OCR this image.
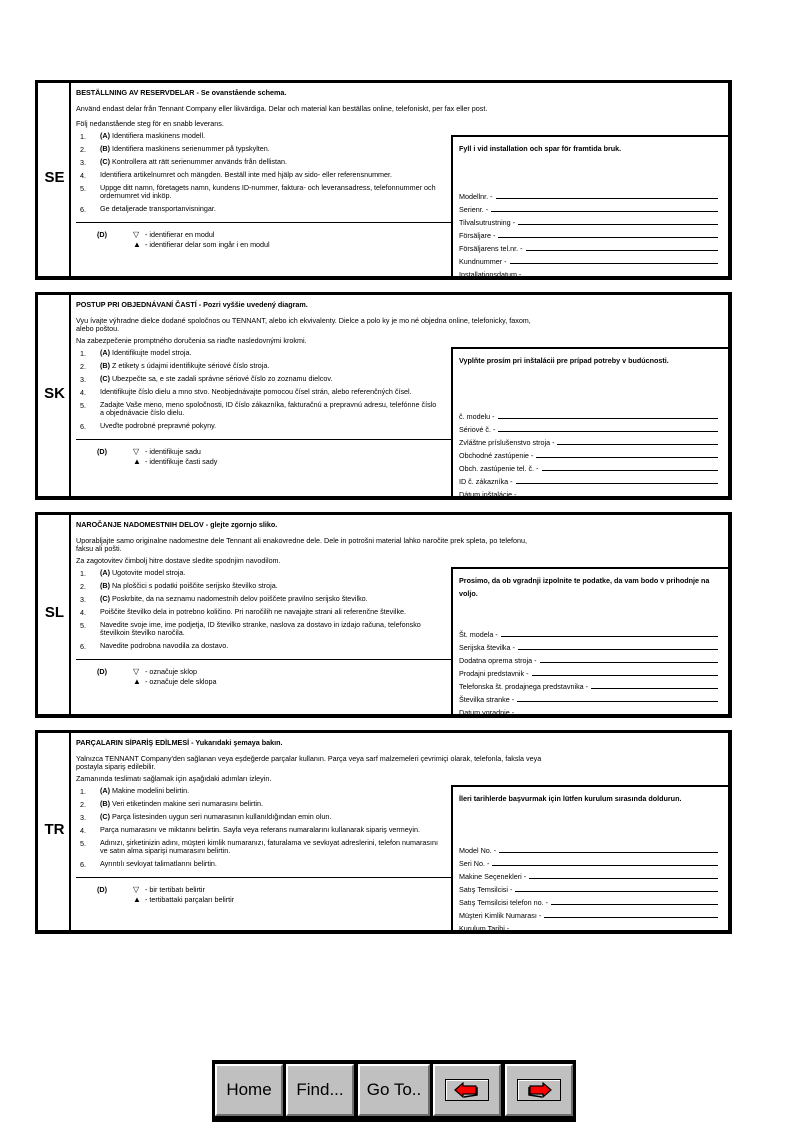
SE
BESTÄLLNING AV RESERVDELAR - Se ovanstående schema.
Använd endast delar från Tennant Company eller likvärdiga. Delar och material kan beställas online, telefoniskt, per fax eller post.
Följ nedanstående steg för en snabb leverans.
1.	(A) Identifiera maskinens modell.
2.	(B) Identifiera maskinens serienummer på typskylten.
3.	(C) Kontrollera att rätt serienummer används från dellistan.
4.	Identifiera artikelnumret och mängden. Beställ inte med hjälp av sido- eller referensnummer.
5.	Uppge ditt namn, företagets namn, kundens ID-nummer, faktura- och leveransadress, telefonnummer och ordernumret vid inköp.
6.	Ge detaljerade transportanvisningar.
(D)	▽ - identifierar en modul
▲ - identifierar delar som ingår i en modul
Fyll i vid installation och spar för framtida bruk.
Modellnr. -
Serienr. -
Tilvalsutrustning -
Försäljare -
Försäljarens tel.nr. -
Kundnummer -
Installationsdatum -
SK
POSTUP PRI OBJEDNÁVANÍ ČASTÍ - Pozri vyššie uvedený diagram.
Vyu ívajte výhradne dielce dodané spoločnos ou TENNANT, alebo ich ekvivalenty. Dielce a polo ky je mo né objedna online, telefonicky, faxom, alebo poštou.
Na zabezpečenie promptného doručenia sa riaďte nasledovnými krokmi.
1.	(A) Identifikujte model stroja.
2.	(B) Z etikety s údajmi identifikujte sériové číslo stroja.
3.	(C) Ubezpečte sa, e ste zadali správne sériové číslo zo zoznamu dielcov.
4.	Identifikujte číslo dielu a mno stvo. Neobjednávajte pomocou čísel strán, alebo referenčných čísel.
5.	Zadajte Vaše meno, meno spoločnosti, ID číslo zákazníka, fakturačnú a prepravnú adresu, telefónne číslo a objednávacie číslo dielu.
6.	Uveďte podrobné prepravné pokyny.
(D)	▽ - identifikuje sadu
▲ - identifikuje časti sady
Vyplňte prosím pri inštalácii pre prípad potreby v budúcnosti.
č. modelu -
Sériové č. -
Zvláštne príslušenstvo stroja -
Obchodné zastúpenie -
Obch. zastúpenie tel. č. -
ID č. zákazníka -
Dátum inštalácie -
SL
NAROČANJE NADOMESTNIH DELOV - glejte zgornjo sliko.
Uporabljajte samo originalne nadomestne dele Tennant ali enakovredne dele. Dele in potrošni material lahko naročite prek spleta, po telefonu, faksu ali pošti.
Za zagotovitev čimbolj hitre dostave sledite spodnjim navodilom.
1.	(A) Ugotovite model stroja.
2.	(B) Na ploščici s podatki poiščite serijsko številko stroja.
3.	(C) Poskrbite, da na seznamu nadomestnih delov poiščete pravilno serijsko številko.
4.	Poiščite številko dela in potrebno količino. Pri naročilih ne navajajte strani ali referenčne številke.
5.	Navedite svoje ime, ime podjetja, ID številko stranke, naslova za dostavo in izdajo računa, telefonsko številkoin številko naročila.
6.	Navedite podrobna navodila za dostavo.
(D)	▽ - označuje sklop
▲ - označuje dele sklopa
Prosimo, da ob vgradnji izpolnite te podatke, da vam bodo v prihodnje na voljo.
Št. modela -
Serijska številka -
Dodatna oprema stroja -
Prodajni predstavnik -
Telefonska št. prodajnega predstavnika -
Številka stranke -
Datum vgradnje -
TR
PARÇALARIN SİPARİŞ EDİLMESİ - Yukarıdaki şemaya bakın.
Yalnızca TENNANT Company'den sağlanan veya eşdeğerde parçalar kullanın. Parça veya sarf malzemeleri çevrimiçi olarak, telefonla, faksla veya postayla sipariş edilebilir.
Zamanında teslimatı sağlamak için aşağıdaki adımları izleyin.
1.	(A) Makine modelini belirtin.
2.	(B) Veri etiketinden makine seri numarasını belirtin.
3.	(C) Parça listesinden uygun seri numarasının kullanıldığından emin olun.
4.	Parça numarasını ve miktarını belirtin. Sayfa veya referans numaralarını kullanarak sipariş vermeyin.
5.	Adınızı, şirketinizin adını, müşteri kimlik numaranızı, faturalama ve sevkıyat adreslerini, telefon numarasını ve satın alma siparişi numarasını belirtin.
6.	Ayrıntılı sevkıyat talimatlarını belirtin.
(D)	▽ - bir tertibatı belirtir
▲ - tertibattaki parçaları belirtir
İleri tarihlerde başvurmak için lütfen kurulum sırasında doldurun.
Model No. -
Seri No. -
Makine Seçenekleri -
Satış Temsilcisi -
Satış Temsilcisi telefon no. -
Müşteri Kimlik Numarası -
Kurulum Tarihi -
Home	Find...	Go To..
